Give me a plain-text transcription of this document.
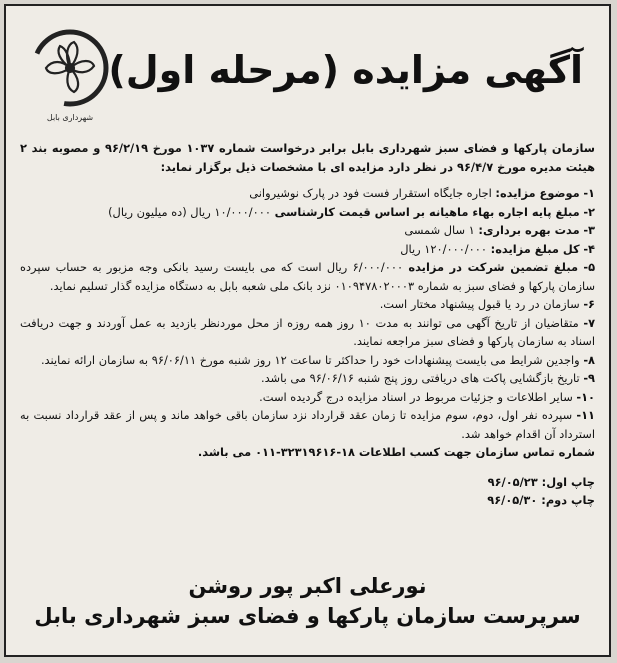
شهرداری بابل
آگهی مزایده (مرحله اول)

سازمان پارکها و فضای سبز شهرداری بابل برابر درخواست شماره ۱۰۳۷ مورخ ۹۶/۲/۱۹ و مصوبه بند ۲ هیئت مدیره مورخ ۹۶/۴/۷ در نظر دارد مزایده ای با مشخصات ذیل برگزار نماید:

۱- موضوع مزایده: اجاره جایگاه استقرار فست فود در پارک نوشیروانی

۲- مبلغ پایه اجاره بهاء ماهیانه بر اساس قیمت کارشناسی ۱۰/۰۰۰/۰۰۰ ریال (ده میلیون ریال)

۳- مدت بهره برداری: ۱ سال شمسی

۴- کل مبلغ مزایده: ۱۲۰/۰۰۰/۰۰۰ ریال

۵- مبلغ تضمین شرکت در مزایده ۶/۰۰۰/۰۰۰ ریال است که می بایست رسید بانکی وجه مزبور به حساب سپرده سازمان پارکها و فضای سبز به شماره ۰۱۰۹۴۷۸۰۲۰۰۰۳ نزد بانک ملی شعبه بابل به دستگاه مزایده گذار تسلیم نماید.

۶- سازمان در رد یا قبول پیشنهاد مختار است.

۷- متقاضیان از تاریخ آگهی می توانند به مدت ۱۰ روز همه روزه از محل موردنظر بازدید به عمل آوردند و جهت دریافت اسناد به سازمان پارکها و فضای سبز مراجعه نمایند.

۸- واجدین شرایط می بایست پیشنهادات خود را حداکثر تا ساعت ۱۲ روز شنبه مورخ ۹۶/۰۶/۱۱ به سازمان ارائه نمایند.

۹- تاریخ بازگشایی پاکت های دریافتی روز پنج شنبه ۹۶/۰۶/۱۶ می باشد.

۱۰- سایر اطلاعات و جزئیات مربوط در اسناد مزایده درج گردیده است.

۱۱- سپرده نفر اول، دوم، سوم مزایده تا زمان عقد قرارداد نزد سازمان باقی خواهد ماند و پس از عقد قرارداد نسبت به استرداد آن اقدام خواهد شد.

شماره تماس سازمان جهت کسب اطلاعات ۱۸-۳۲۳۱۹۶۱۶-۰۱۱ می باشد.

چاپ اول: ۹۶/۰۵/۲۳

چاپ دوم: ۹۶/۰۵/۳۰

نورعلی اکبر پور روشن
سرپرست سازمان پارکها و فضای سبز شهرداری بابل
